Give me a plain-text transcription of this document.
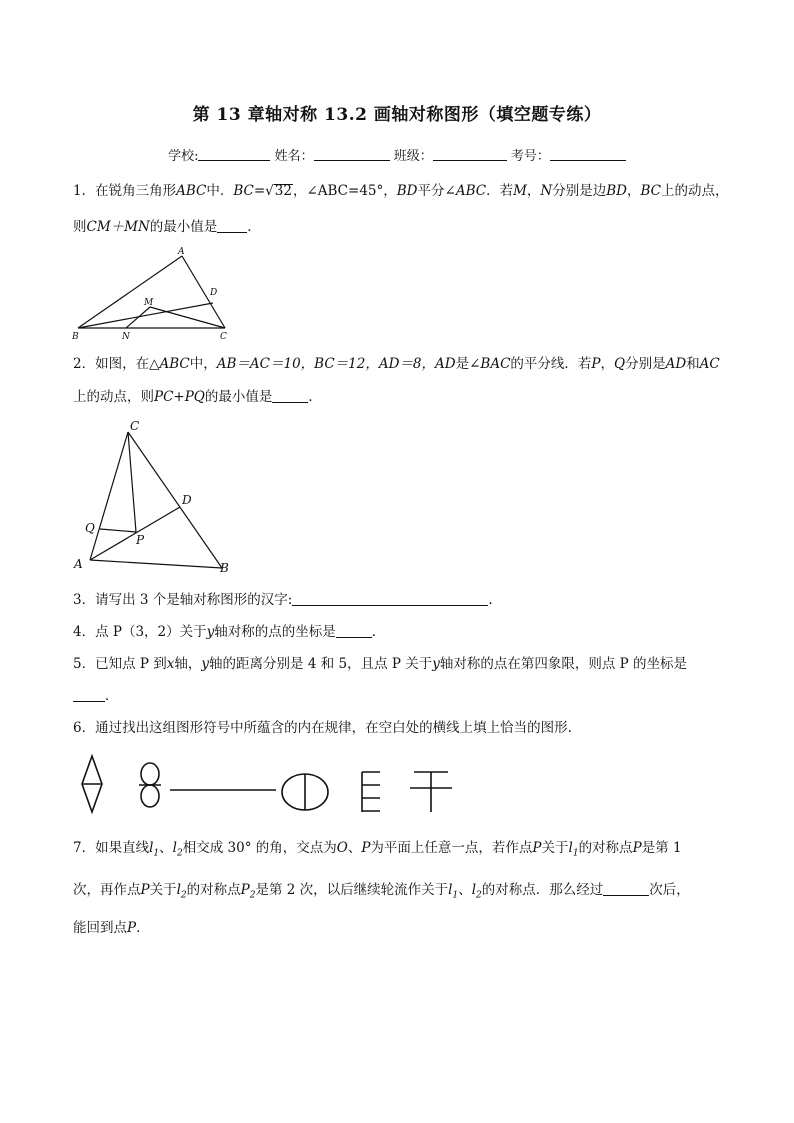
第 13 章轴对称 13.2 画轴对称图形（填空题专练）
学校:	姓名：	班级：	考号：
1．在锐角三角形ABC中．BC=√32，∠ABC=45°，BD平分∠ABC．若M，N分别是边BD，BC上的动点，
则CM＋MN的最小值是 ．
A
B	C
D
M
N
2．如图，在△ABC中，AB＝AC＝10，BC＝12，AD＝8，AD是∠BAC的平分线．若P，Q分别是AD和AC
上的动点，则PC+PQ的最小值是	．
C
A	B
D
P
Q
3．请写出 3 个是轴对称图形的汉字:	.
4．点 P（3，2）关于y轴对称的点的坐标是	．
5．已知点 P 到x轴，y轴的距离分别是 4 和 5，且点 P 关于y轴对称的点在第四象限，则点 P 的坐标是
．
6．通过找出这组图形符号中所蕴含的内在规律，在空白处的横线上填上恰当的图形.
7．如果直线$l_1$、$l_2$相交成 30° 的角，交点为O、P为平面上任意一点，若作点P关于$l_1$的对称点P是第 1
次，再作点P关于$l_2$的对称点$P_2$是第 2 次，以后继续轮流作关于$l_1$、$l_2$的对称点．那么经过	次后，
能回到点P.
